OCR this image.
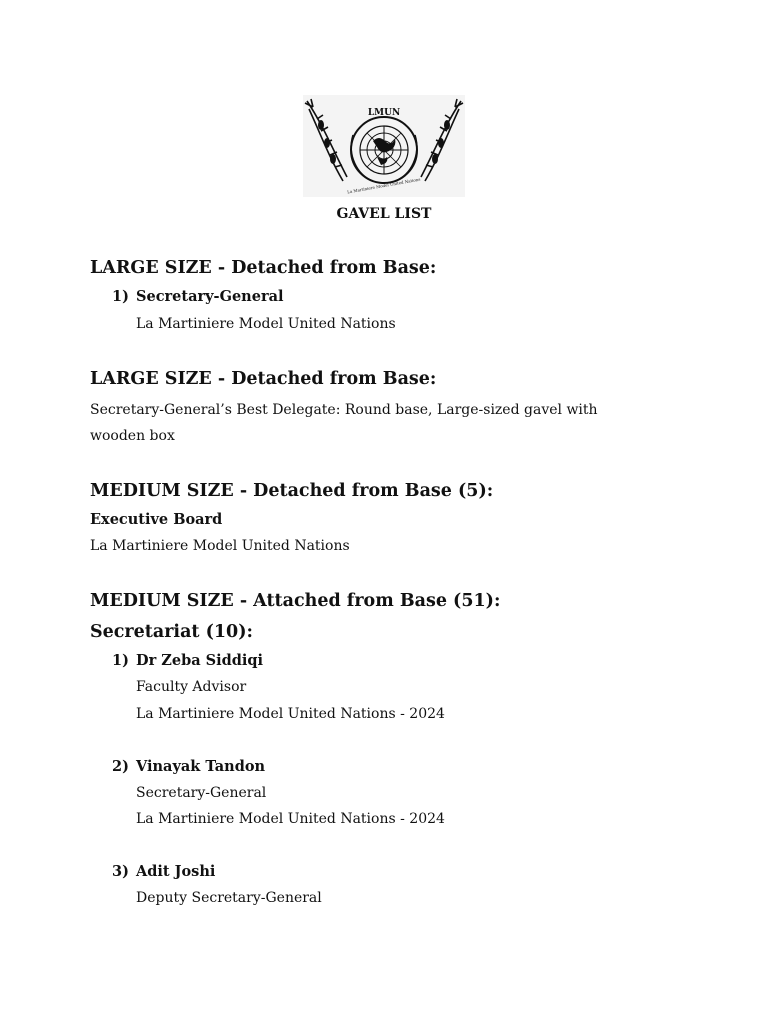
LMUN
La Martiniere Model United Nations
GAVEL LIST
LARGE SIZE - Detached from Base:
1) Secretary-General
La Martiniere Model United Nations
LARGE SIZE - Detached from Base:
Secretary-General’s Best Delegate: Round base, Large-sized gavel with
wooden box
MEDIUM SIZE - Detached from Base (5):
Executive Board
La Martiniere Model United Nations
MEDIUM SIZE - Attached from Base (51):
Secretariat (10):
1) Dr Zeba Siddiqi
Faculty Advisor
La Martiniere Model United Nations - 2024
2) Vinayak Tandon
Secretary-General
La Martiniere Model United Nations - 2024
3) Adit Joshi
Deputy Secretary-General
